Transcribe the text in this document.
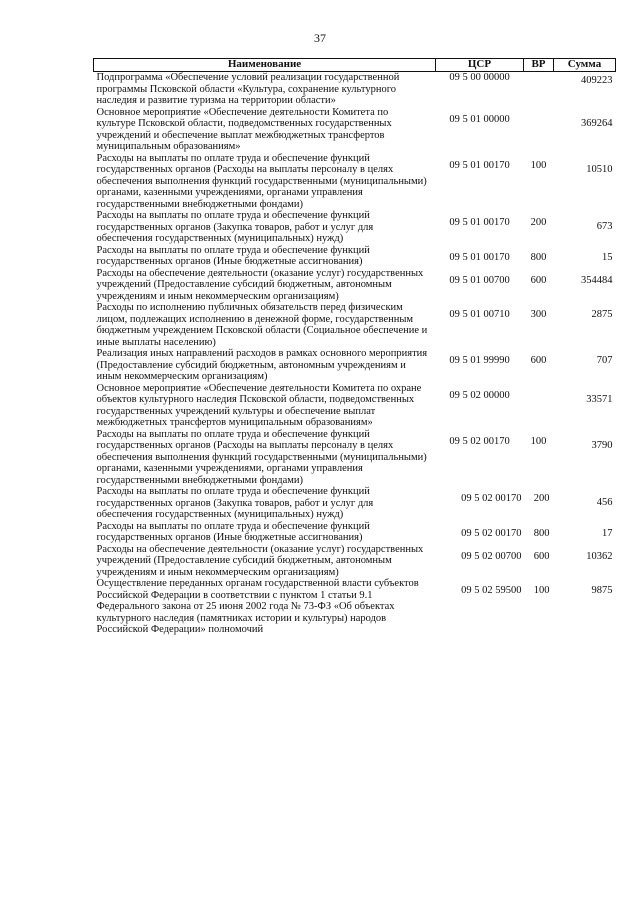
37
Наименование	ЦСР	ВР	Сумма
Подпрограмма «Обеспечение условий реализации государственной программы Псковской области «Культура, сохранение культурного наследия и развитие туризма на территории области»	09 5 00 00000		409223
Основное мероприятие «Обеспечение деятельности Комитета по культуре Псковской области, подведомственных государственных учреждений и обеспечение выплат межбюджетных трансфертов муниципальным образованиям»	09 5 01 00000		369264
Расходы на выплаты по оплате труда и обеспечение функций государственных органов (Расходы на выплаты персоналу в целях обеспечения выполнения функций государственными (муниципальными) органами, казенными учреждениями, органами управления государственными внебюджетными фондами)	09 5 01 00170	100	10510
Расходы на выплаты по оплате труда и обеспечение функций государственных органов (Закупка товаров, работ и услуг для обеспечения государственных (муниципальных) нужд)	09 5 01 00170	200	673
Расходы на выплаты по оплате труда и обеспечение функций государственных органов (Иные бюджетные ассигнования)	09 5 01 00170	800	15
Расходы на обеспечение деятельности (оказание услуг) государственных учреждений (Предоставление субсидий бюджетным, автономным учреждениям и иным некоммерческим организациям)	09 5 01 00700	600	354484
Расходы по исполнению публичных обязательств перед физическим лицом, подлежащих исполнению в денежной форме, государственным бюджетным учреждением Псковской области (Социальное обеспечение и иные выплаты населению)	09 5 01 00710	300	2875
Реализация иных направлений расходов в рамках основного мероприятия (Предоставление субсидий бюджетным, автономным учреждениям и иным некоммерческим организациям)	09 5 01 99990	600	707
Основное мероприятие «Обеспечение деятельности Комитета по охране объектов культурного наследия Псковской области, подведомственных государственных учреждений культуры и обеспечение выплат межбюджетных трансфертов муниципальным образованиям»	09 5 02 00000		33571
Расходы на выплаты по оплате труда и обеспечение функций государственных органов (Расходы на выплаты персоналу в целях обеспечения выполнения функций государственными (муниципальными) органами, казенными учреждениями, органами управления государственными внебюджетными фондами)	09 5 02 00170	100	3790
Расходы на выплаты по оплате труда и обеспечение функций государственных органов (Закупка товаров, работ и услуг для обеспечения государственных (муниципальных) нужд)	09 5 02 00170	200	456
Расходы на выплаты по оплате труда и обеспечение функций государственных органов (Иные бюджетные ассигнования)	09 5 02 00170	800	17
Расходы на обеспечение деятельности (оказание услуг) государственных учреждений (Предоставление субсидий бюджетным, автономным учреждениям и иным некоммерческим организациям)	09 5 02 00700	600	10362
Осуществление переданных органам государственной власти субъектов Российской Федерации в соответствии с пунктом 1 статьи 9.1 Федерального закона от 25 июня 2002 года № 73-ФЗ «Об объектах культурного наследия (памятниках истории и культуры) народов Российской Федерации» полномочий	09 5 02 59500	100	9875
